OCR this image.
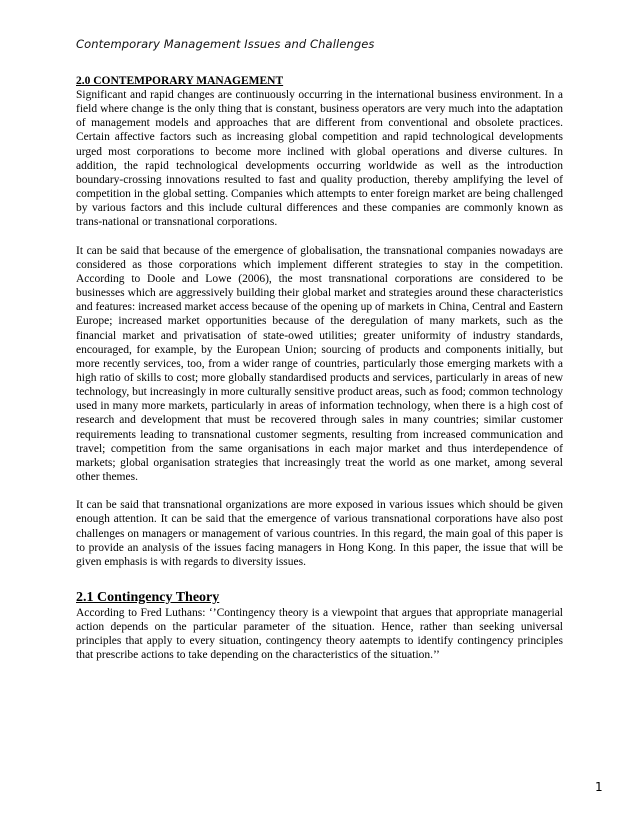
Contemporary Management Issues and Challenges
2.0 CONTEMPORARY MANAGEMENT

Significant and rapid changes are continuously occurring in the international business environment. In a field where change is the only thing that is constant, business operators are very much into the adaptation of management models and approaches that are different from conventional and obsolete practices. Certain affective factors such as increasing global competition and rapid technological developments urged most corporations to become more inclined with global operations and diverse cultures. In addition, the rapid technological developments occurring worldwide as well as the introduction boundary-crossing innovations resulted to fast and quality production, thereby amplifying the level of competition in the global setting. Companies which attempts to enter foreign market are being challenged by various factors and this include cultural differences and these companies are commonly known as trans-national or transnational corporations.

It can be said that because of the emergence of globalisation, the transnational companies nowadays are considered as those corporations which implement different strategies to stay in the competition. According to Doole and Lowe (2006), the most transnational corporations are considered to be businesses which are aggressively building their global market and strategies around these characteristics and features: increased market access because of the opening up of markets in China, Central and Eastern Europe; increased market opportunities because of the deregulation of many markets, such as the financial market and privatisation of state-owed utilities; greater uniformity of industry standards, encouraged, for example, by the European Union; sourcing of products and components initially, but more recently services, too, from a wider range of countries, particularly those emerging markets with a high ratio of skills to cost; more globally standardised products and services, particularly in areas of new technology, but increasingly in more culturally sensitive product areas, such as food; common technology used in many more markets, particularly in areas of information technology, when there is a high cost of research and development that must be recovered through sales in many countries; similar customer requirements leading to transnational customer segments, resulting from increased communication and travel; competition from the same organisations in each major market and thus interdependence of markets; global organisation strategies that increasingly treat the world as one market, among several other themes.

It can be said that transnational organizations are more exposed in various issues which should be given enough attention. It can be said that the emergence of various transnational corporations have also post challenges on managers or management of various countries. In this regard, the main goal of this paper is to provide an analysis of the issues facing managers in Hong Kong. In this paper, the issue that will be given emphasis is with regards to diversity issues.

2.1 Contingency Theory

According to Fred Luthans: ‘’Contingency theory is a viewpoint that argues that appropriate managerial action depends on the particular parameter of the situation. Hence, rather than seeking universal principles that apply to every situation, contingency theory aatempts to identify contingency principles that prescribe actions to take depending on the characteristics of the situation.’’

1
